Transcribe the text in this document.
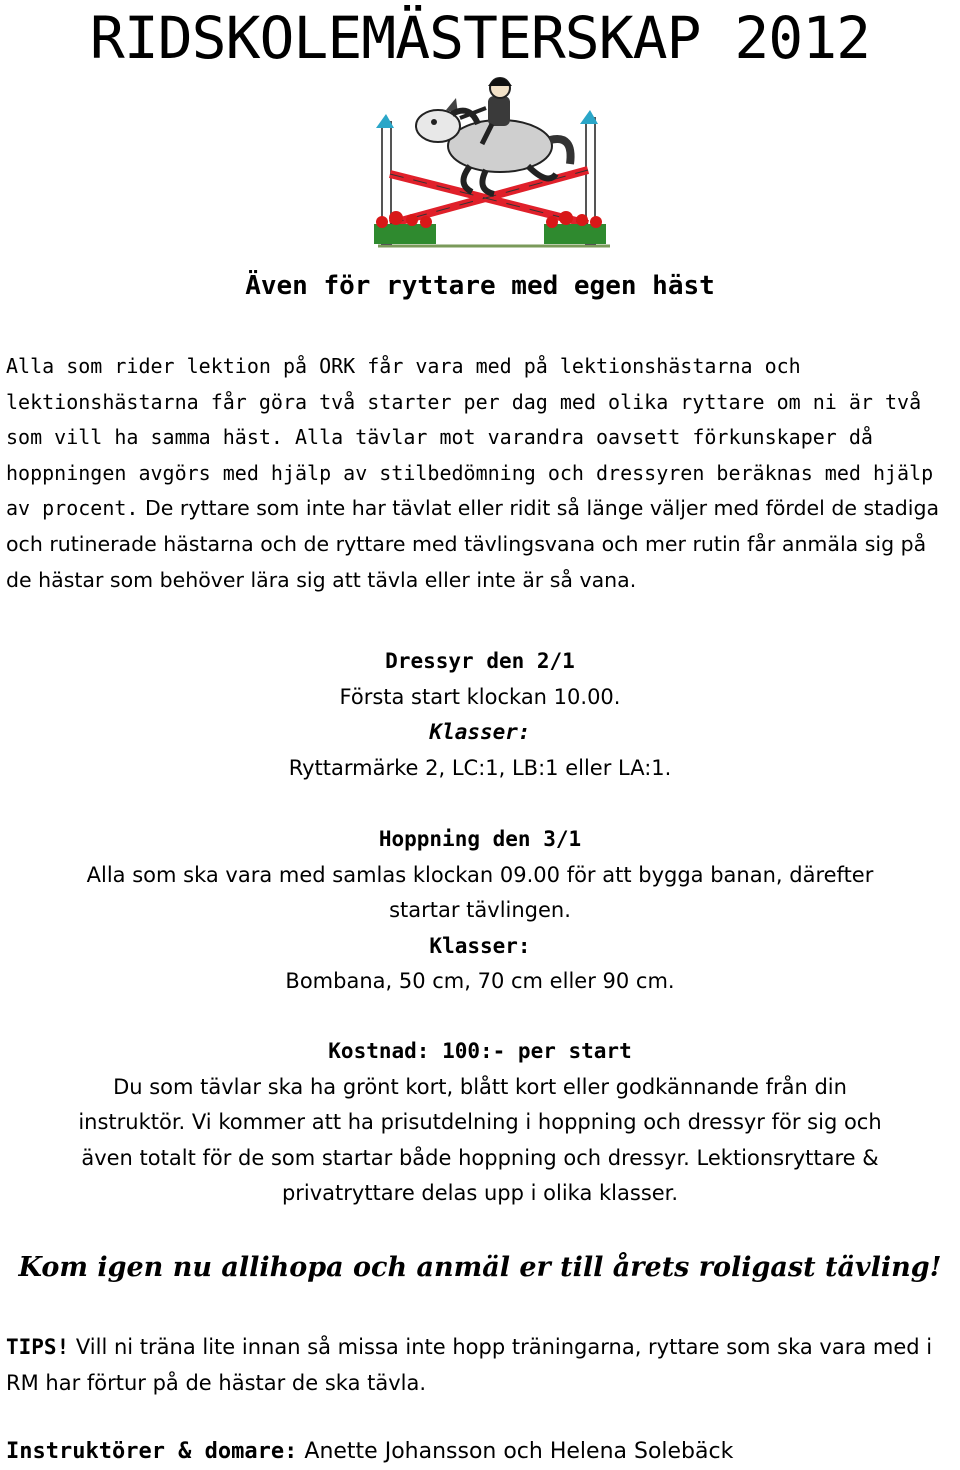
RIDSKOLEMÄSTERSKAP 2012
Även för ryttare med egen häst

Alla som rider lektion på ORK får vara med på lektionshästarna och lektionshästarna får göra två starter per dag med olika ryttare om ni är två som vill ha samma häst. Alla tävlar mot varandra oavsett förkunskaper då hoppningen avgörs med hjälp av stilbedömning och dressyren beräknas med hjälp av procent. De ryttare som inte har tävlat eller ridit så länge väljer med fördel de stadiga och rutinerade hästarna och de ryttare med tävlingsvana och mer rutin får anmäla sig på de hästar som behöver lära sig att tävla eller inte är så vana.

Dressyr den 2/1
Första start klockan 10.00.
Klasser:
Ryttarmärke 2, LC:1, LB:1 eller LA:1.
Hoppning den 3/1
Alla som ska vara med samlas klockan 09.00 för att bygga banan, därefter
startar tävlingen.
Klasser:
Bombana, 50 cm, 70 cm eller 90 cm.
Kostnad: 100:- per start
Du som tävlar ska ha grönt kort, blått kort eller godkännande från din
instruktör. Vi kommer att ha prisutdelning i hoppning och dressyr för sig och
även totalt för de som startar både hoppning och dressyr. Lektionsryttare &
privatryttare delas upp i olika klasser.
Kom igen nu allihopa och anmäl er till årets roligast tävling!

TIPS! Vill ni träna lite innan så missa inte hopp träningarna, ryttare som ska vara med i RM har förtur på de hästar de ska tävla.

Instruktörer & domare: Anette Johansson och Helena Solebäck
